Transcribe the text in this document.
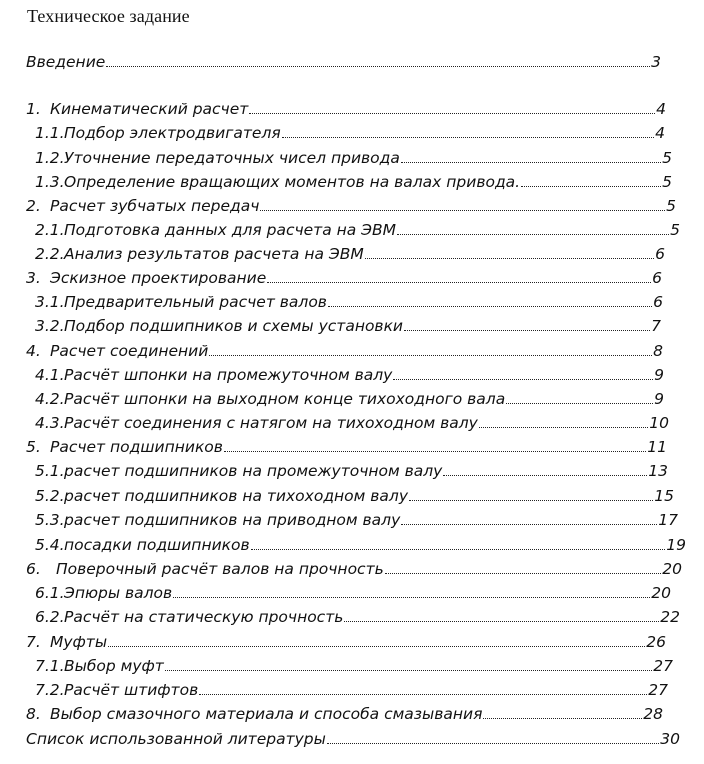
Техническое задание
Введение	3
1. Кинематический расчет	4
1.1. Подбор электродвигателя	4
1.2. Уточнение передаточных чисел привода	5
1.3. Определение вращающих моментов на валах привода.	5
2. Расчет зубчатых передач	5
2.1. Подготовка данных для расчета на ЭВМ	5
2.2. Анализ результатов расчета на ЭВМ	6
3. Эскизное проектирование	6
3.1. Предварительный расчет валов	6
3.2. Подбор подшипников и схемы установки	7
4. Расчет соединений	8
4.1. Расчёт шпонки на промежуточном валу	9
4.2. Расчёт шпонки на выходном конце тихоходного вала	9
4.3. Расчёт соединения с натягом на тихоходном валу	10
5. Расчет подшипников	11
5.1. расчет подшипников на промежуточном валу	13
5.2. расчет подшипников на тихоходном валу	15
5.3. расчет подшипников на приводном валу	17
5.4. посадки подшипников	19
6. Поверочный расчёт валов на прочность	20
6.1. Эпюры валов	20
6.2. Расчёт на статическую прочность	22
7. Муфты	26
7.1. Выбор муфт	27
7.2. Расчёт штифтов	27
8. Выбор смазочного материала и способа смазывания	28
Список использованной литературы	30
